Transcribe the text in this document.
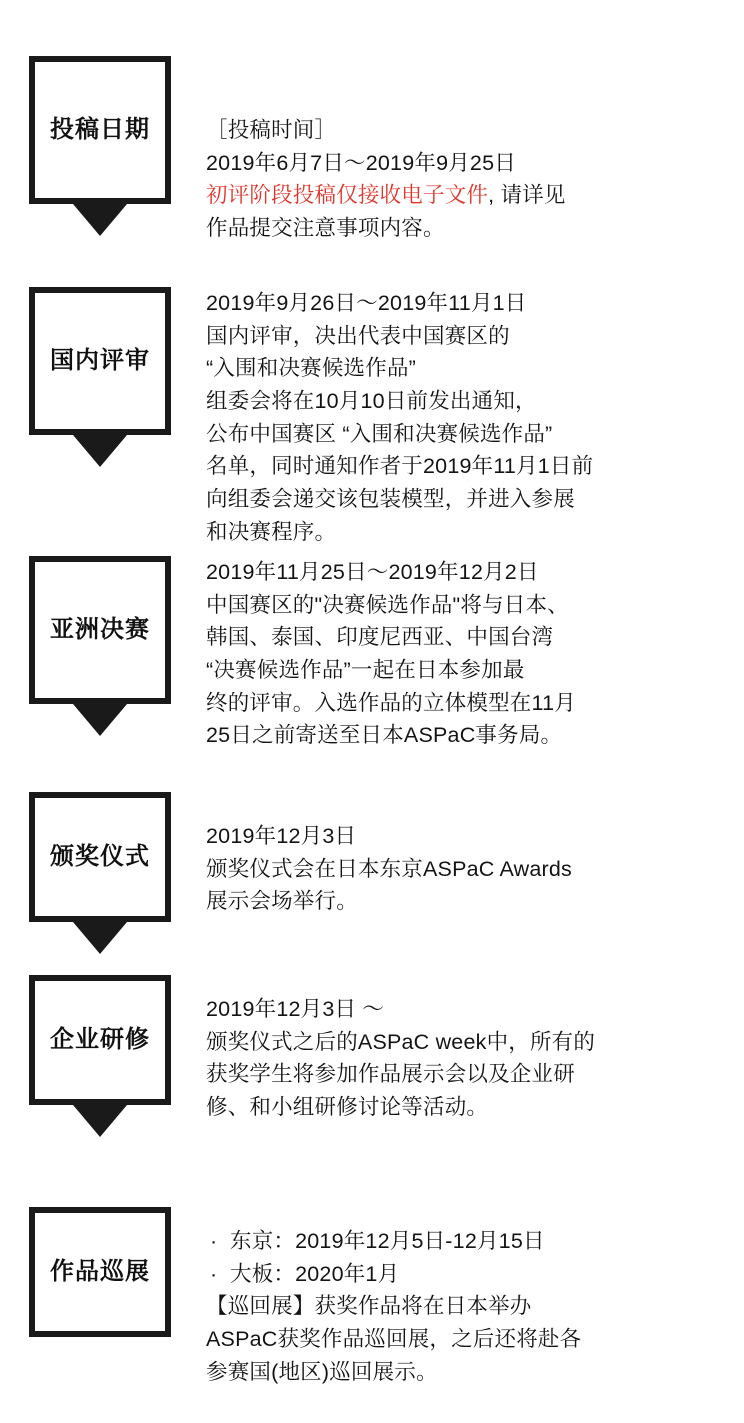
投稿日期	［投稿时间］
2019年6月7日〜2019年9月25日
初评阶段投稿仅接收电子文件, 请详见
作品提交注意事项内容。
国内评审
2019年9月26日〜2019年11月1日
国内评审，决出代表中国赛区的
“入围和决赛候选作品”
组委会将在10月10日前发出通知，
公布中国赛区 “入围和决赛候选作品”
名单，同时通知作者于2019年11月1日前
向组委会递交该包装模型，并进入参展
和决赛程序。
亚洲决赛
2019年11月25日〜2019年12月2日
中国赛区的"决赛候选作品"将与日本、
韩国、泰国、印度尼西亚、中国台湾
“决赛候选作品”一起在日本参加最
终的评审。入选作品的立体模型在11月
25日之前寄送至日本ASPaC事务局。
颁奖仪式
2019年12月3日
颁奖仪式会在日本东京ASPaC Awards
展示会场举行。
企业研修
2019年12月3日 〜
颁奖仪式之后的ASPaC week中，所有的
获奖学生将参加作品展示会以及企业研
修、和小组研修讨论等活动。
作品巡展
· 东京：2019年12月5日-12月15日
· 大板：2020年1月
【巡回展】获奖作品将在日本举办
ASPaC获奖作品巡回展，之后还将赴各
参赛国(地区)巡回展示。
